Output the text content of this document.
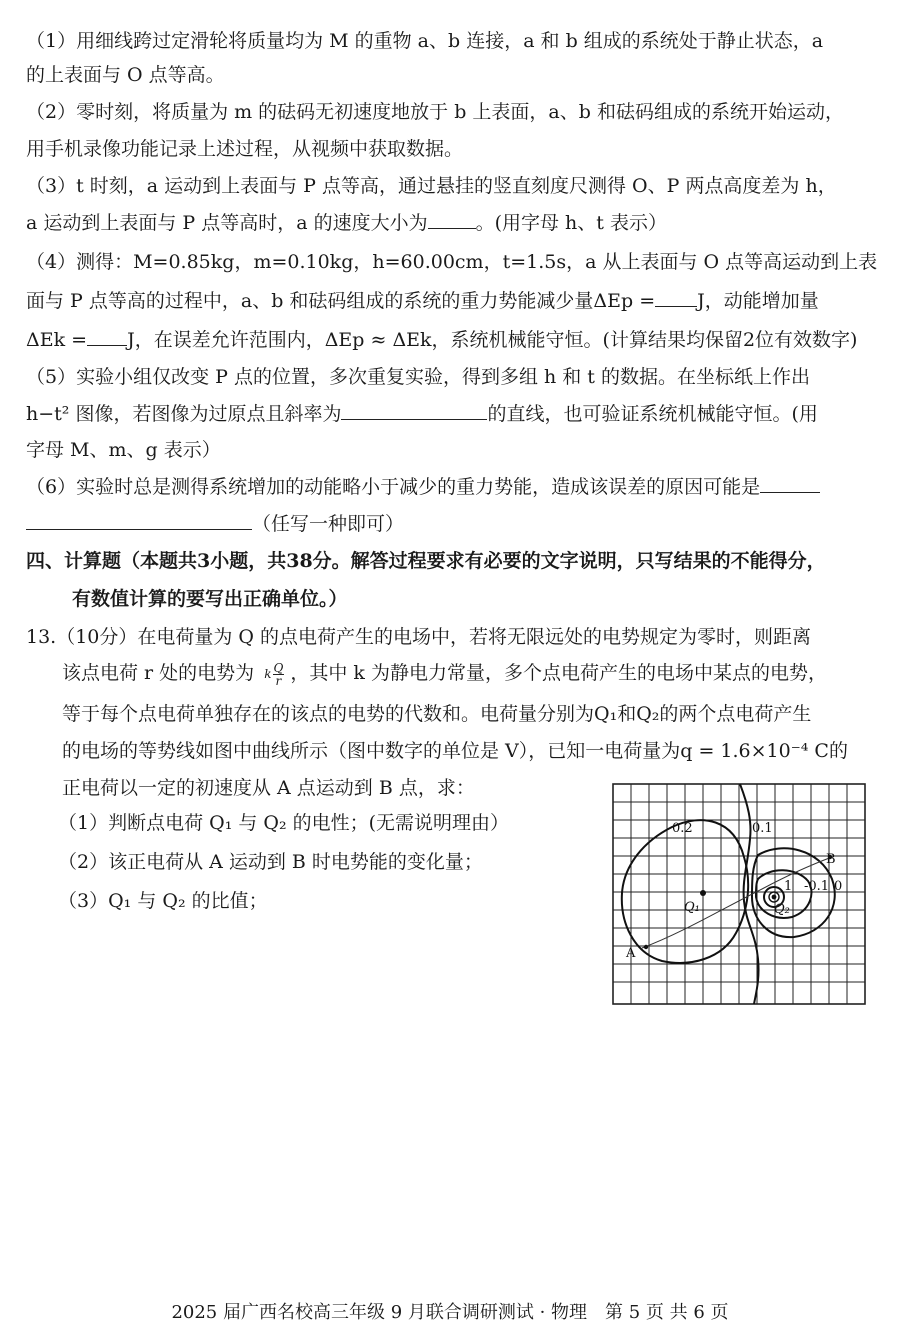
（1）用细线跨过定滑轮将质量均为 M 的重物 a、b 连接，a 和 b 组成的系统处于静止状态，a
的上表面与 O 点等高。
（2）零时刻，将质量为 m 的砝码无初速度地放于 b 上表面，a、b 和砝码组成的系统开始运动，
用手机录像功能记录上述过程，从视频中获取数据。
（3）t 时刻，a 运动到上表面与 P 点等高，通过悬挂的竖直刻度尺测得 O、P 两点高度差为 h，
a 运动到上表面与 P 点等高时，a 的速度大小为	。(用字母 h、t 表示）
（4）测得：M=0.85kg，m=0.10kg，h=60.00cm，t=1.5s，a 从上表面与 O 点等高运动到上表
面与 P 点等高的过程中，a、b 和砝码组成的系统的重力势能减少量ΔEp = J，动能增加量
ΔEk = J，在误差允许范围内，ΔEp ≈ ΔEk，系统机械能守恒。(计算结果均保留2位有效数字)
（5）实验小组仅改变 P 点的位置，多次重复实验，得到多组 h 和 t 的数据。在坐标纸上作出
h−t² 图像，若图像为过原点且斜率为	的直线，也可验证系统机械能守恒。(用
字母 M、m、g 表示）
（6）实验时总是测得系统增加的动能略小于减少的重力势能，造成该误差的原因可能是
（任写一种即可）
四、计算题（本题共3小题，共38分。解答过程要求有必要的文字说明，只写结果的不能得分，
有数值计算的要写出正确单位。）
13.（10分）在电荷量为 Q 的点电荷产生的电场中，若将无限远处的电势规定为零时，则距离
该点电荷 r 处的电势为 k $\frac{Q}{r}$ ，其中 k 为静电力常量，多个点电荷产生的电场中某点的电势，
等于每个点电荷单独存在的该点的电势的代数和。电荷量分别为Q₁和Q₂的两个点电荷产生
的电场的等势线如图中曲线所示（图中数字的单位是 V），已知一电荷量为q = 1.6×10⁻⁴ C的
正电荷以一定的初速度从 A 点运动到 B 点，求：
（1）判断点电荷 Q₁ 与 Q₂ 的电性；(无需说明理由）
（2）该正电荷从 A 运动到 B 时电势能的变化量；
（3）Q₁ 与 Q₂ 的比值；
0.2	0.1
1 -0.1 0
B
A
Q₁	Q₂
2025 届广西名校高三年级 9 月联合调研测试 · 物理　第 5 页 共 6 页
